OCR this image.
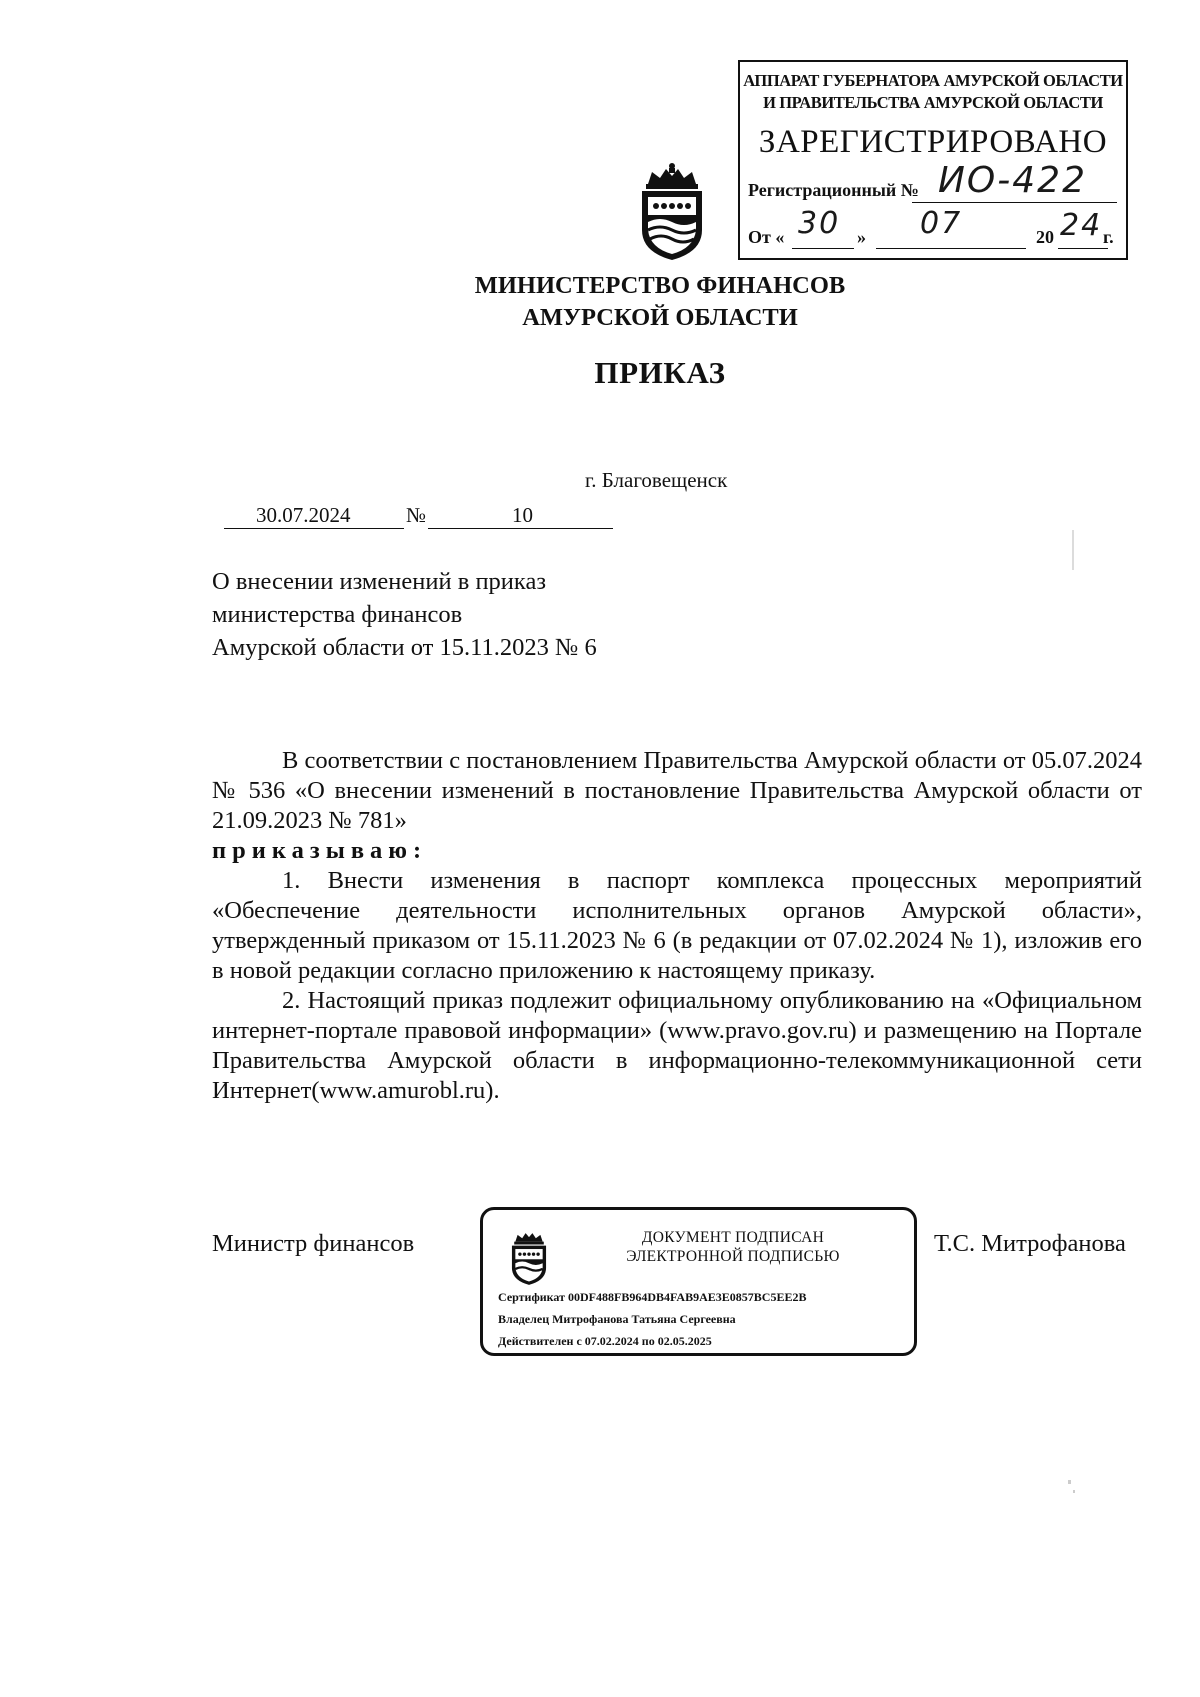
АППАРАТ ГУБЕРНАТОРА АМУРСКОЙ ОБЛАСТИ И ПРАВИТЕЛЬСТВА АМУРСКОЙ ОБЛАСТИ
ЗАРЕГИСТРИРОВАНО
Регистрационный № ИО-422
От « 30 » 07	20 24 г.
МИНИСТЕРСТВО ФИНАНСОВ
АМУРСКОЙ ОБЛАСТИ
ПРИКАЗ
г. Благовещенск
30.07.2024	№	10
О внесении изменений в приказ
министерства финансов
Амурской области от 15.11.2023 № 6

В соответствии с постановлением Правительства Амурской области от 05.07.2024 № 536 «О внесении изменений в постановление Правительства Амурской области от 21.09.2023 № 781»

приказываю:

1. Внести изменения в паспорт комплекса процессных мероприятий «Обеспечение деятельности исполнительных органов Амурской области», утвержденный приказом от 15.11.2023 № 6 (в редакции от 07.02.2024 № 1), изложив его в новой редакции согласно приложению к настоящему приказу.

2. Настоящий приказ подлежит официальному опубликованию на «Официальном интернет-портале правовой информации» (www.pravo.gov.ru) и размещению на Портале Правительства Амурской области в информационно-телекоммуникационной сети Интернет(www.amurobl.ru).

Министр финансов	ДОКУМЕНТ ПОДПИСАН
ЭЛЕКТРОННОЙ ПОДПИСЬЮ
Сертификат 00DF488FB964DB4FAB9AE3E0857BC5EE2B
Владелец Митрофанова Татьяна Сергеевна
Действителен с 07.02.2024 по 02.05.2025
Т.С. Митрофанова
